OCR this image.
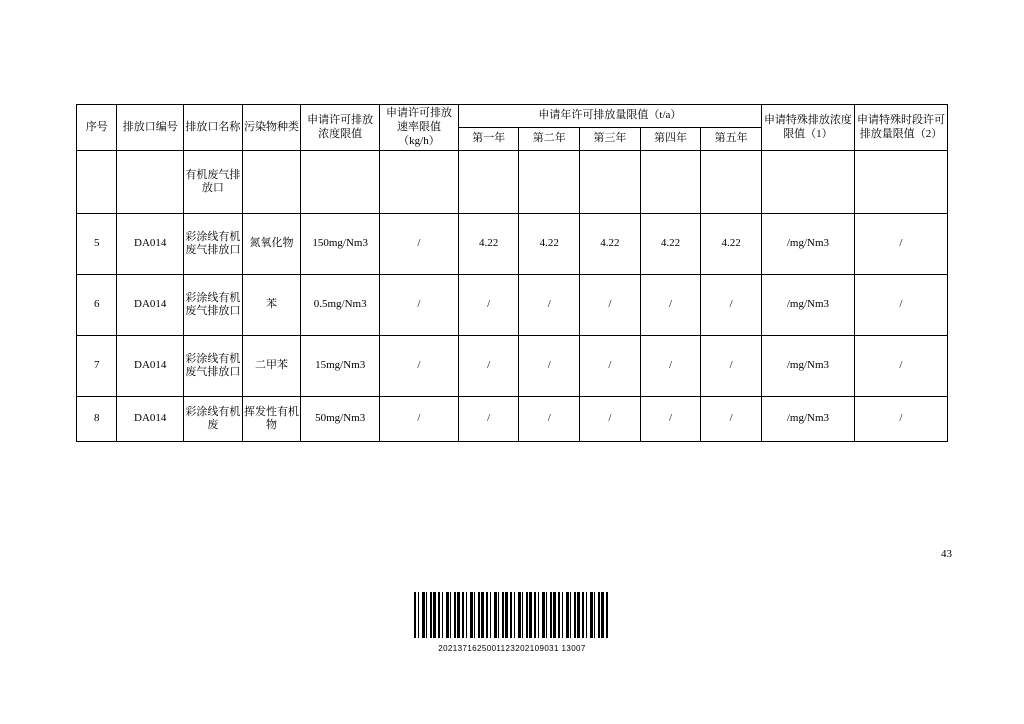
序号	排放口编号	排放口名称	污染物种类	申请许可排放浓度限值	申请许可排放速率限值（kg/h）	申请年许可排放量限值（t/a）					申请特殊排放浓度限值（1）	申请特殊时段许可排放量限值（2）
						第一年	第二年	第三年	第四年	第五年		
		有机废气排放口										
5	DA014	彩涂线有机废气排放口	氮氧化物	150mg/Nm3	/	4.22	4.22	4.22	4.22	4.22	/mg/Nm3	/
6	DA014	彩涂线有机废气排放口	苯	0.5mg/Nm3	/	/	/	/	/	/	/mg/Nm3	/
7	DA014	彩涂线有机废气排放口	二甲苯	15mg/Nm3	/	/	/	/	/	/	/mg/Nm3	/
8	DA014	彩涂线有机废	挥发性有机物	50mg/Nm3	/	/	/	/	/	/	/mg/Nm3	/
43
2021371625001123202109031 13007
